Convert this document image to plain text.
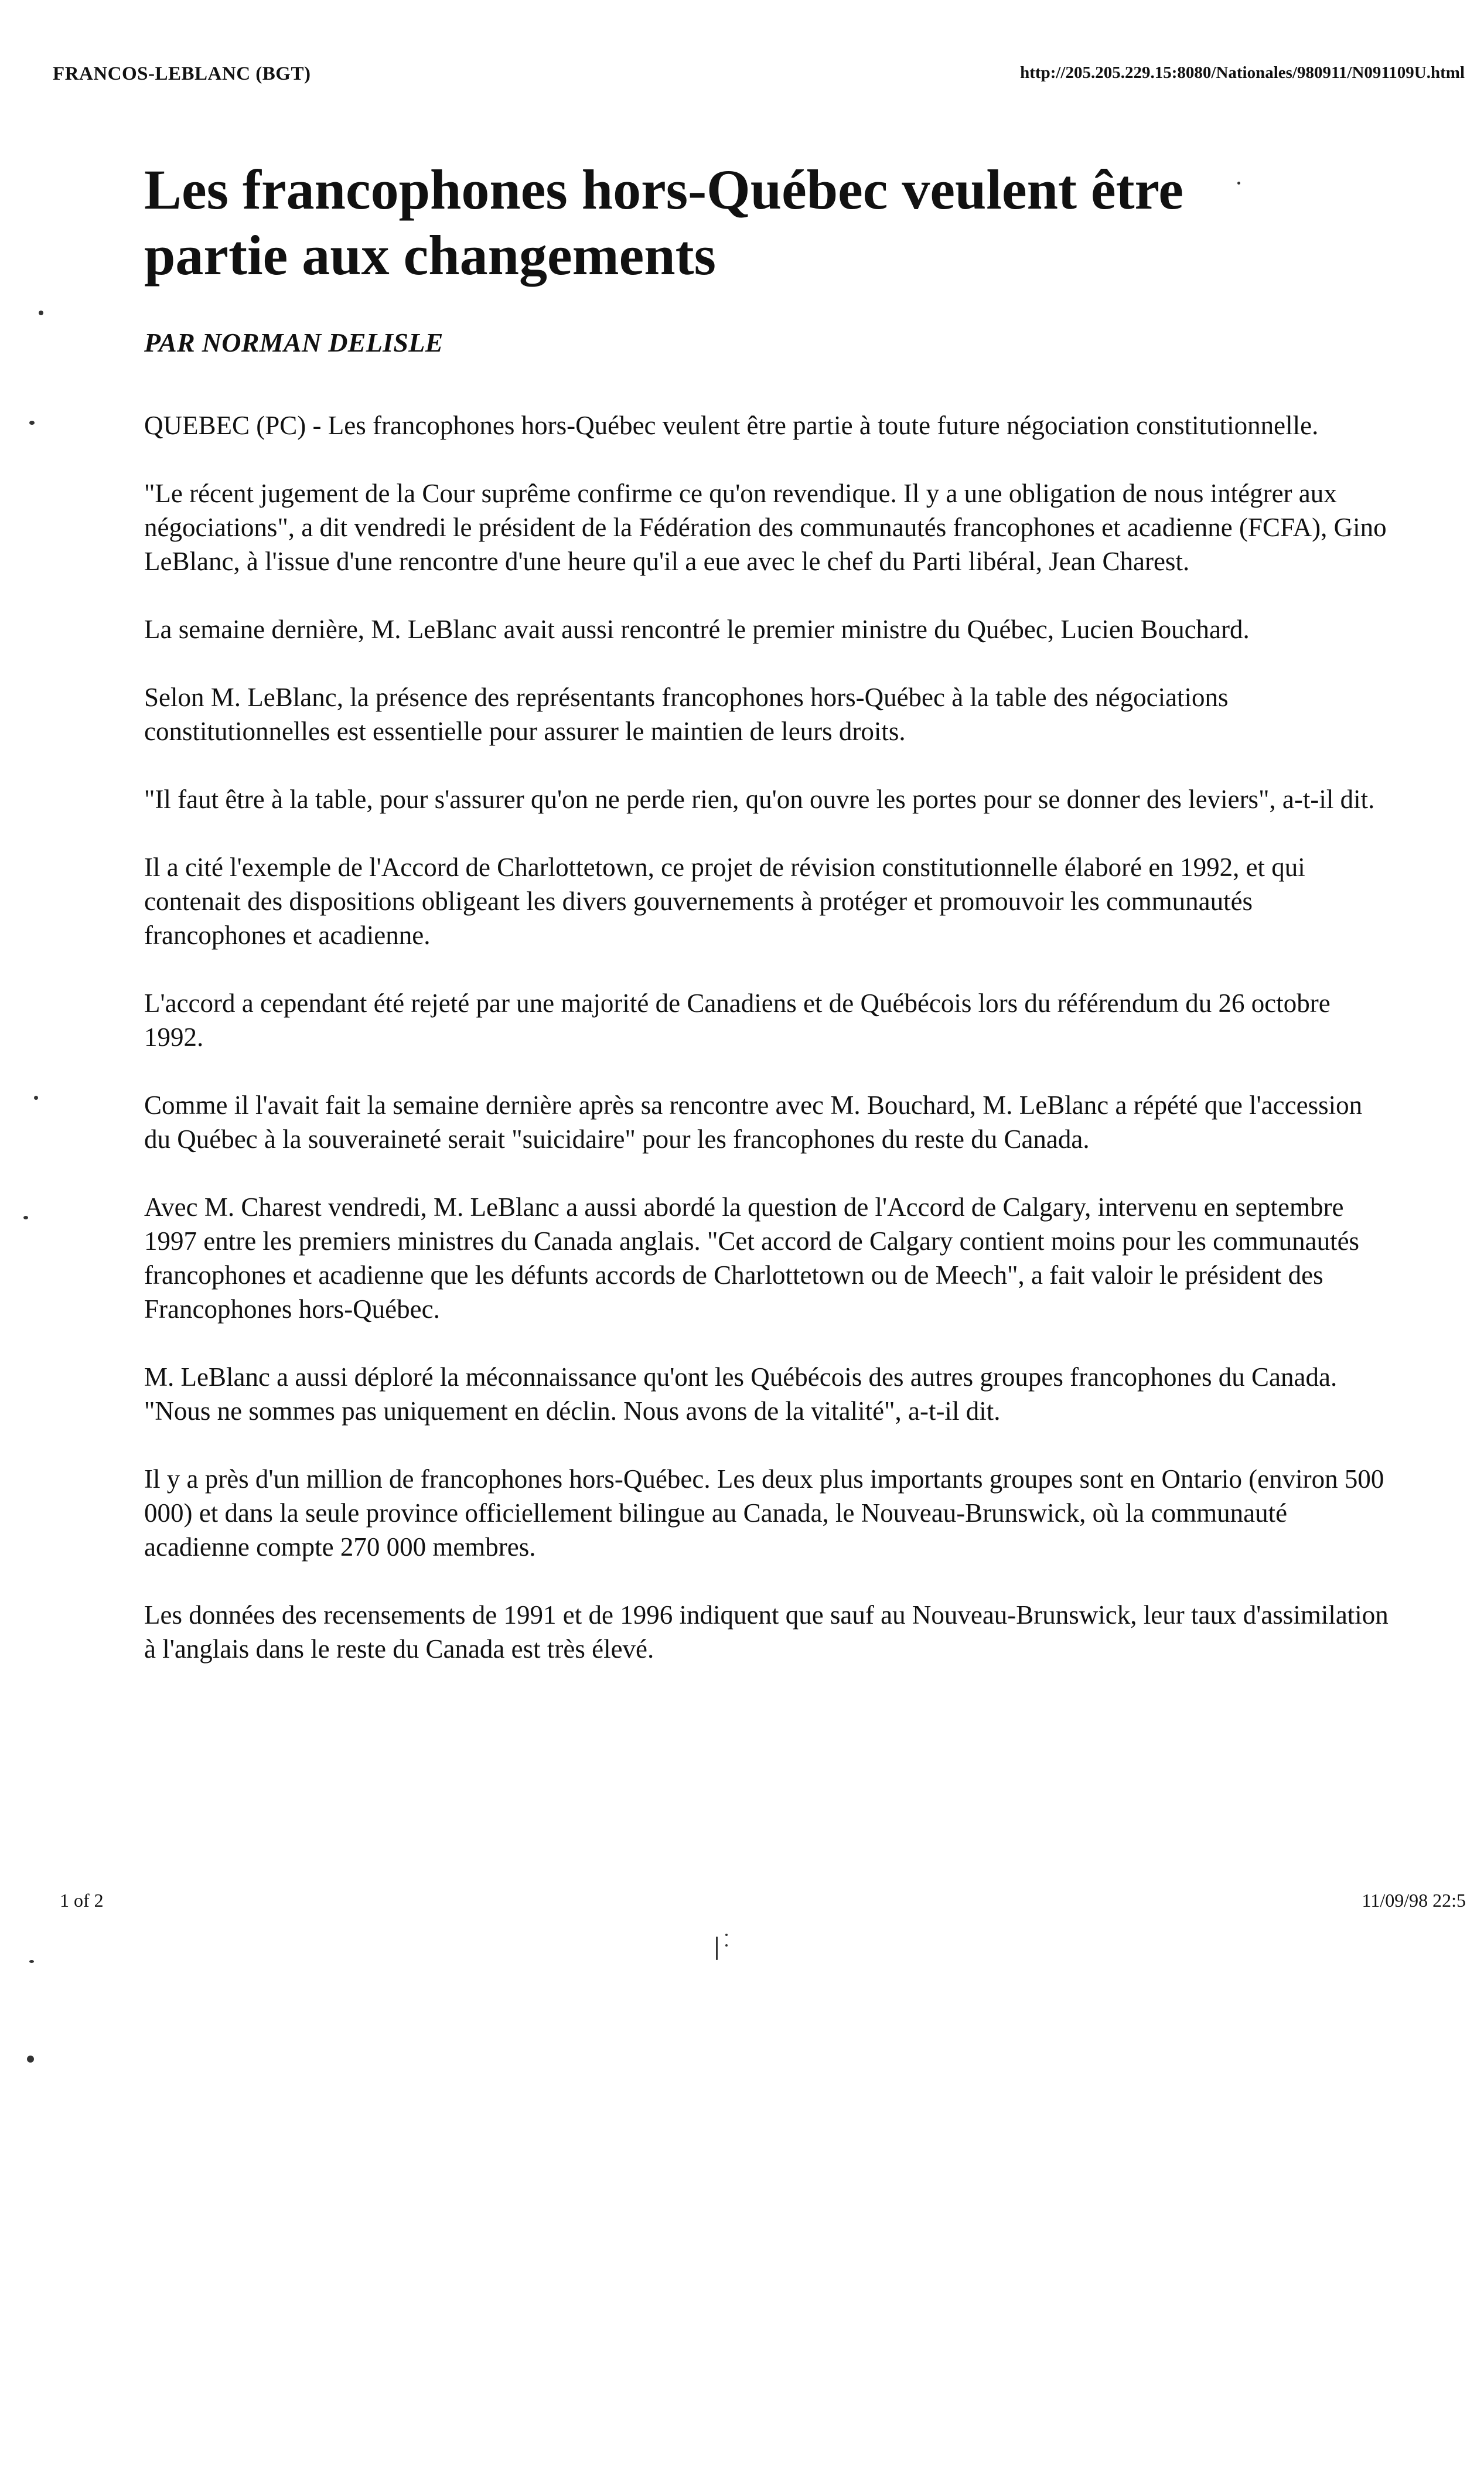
FRANCOS-LEBLANC (BGT)	http://205.205.229.15:8080/Nationales/980911/N091109U.html
Les francophones hors-Québec veulent être partie aux changements
PAR NORMAN DELISLE

QUEBEC (PC) - Les francophones hors-Québec veulent être partie à toute future négociation constitutionnelle.

"Le récent jugement de la Cour suprême confirme ce qu'on revendique. Il y a une obligation de nous intégrer aux négociations", a dit vendredi le président de la Fédération des communautés francophones et acadienne (FCFA), Gino LeBlanc, à l'issue d'une rencontre d'une heure qu'il a eue avec le chef du Parti libéral, Jean Charest.

La semaine dernière, M. LeBlanc avait aussi rencontré le premier ministre du Québec, Lucien Bouchard.

Selon M. LeBlanc, la présence des représentants francophones hors-Québec à la table des négociations constitutionnelles est essentielle pour assurer le maintien de leurs droits.

"Il faut être à la table, pour s'assurer qu'on ne perde rien, qu'on ouvre les portes pour se donner des leviers", a-t-il dit.

Il a cité l'exemple de l'Accord de Charlottetown, ce projet de révision constitutionnelle élaboré en 1992, et qui contenait des dispositions obligeant les divers gouvernements à protéger et promouvoir les communautés francophones et acadienne.

L'accord a cependant été rejeté par une majorité de Canadiens et de Québécois lors du référendum du 26 octobre 1992.

Comme il l'avait fait la semaine dernière après sa rencontre avec M. Bouchard, M. LeBlanc a répété que l'accession du Québec à la souveraineté serait "suicidaire" pour les francophones du reste du Canada.

Avec M. Charest vendredi, M. LeBlanc a aussi abordé la question de l'Accord de Calgary, intervenu en septembre 1997 entre les premiers ministres du Canada anglais. "Cet accord de Calgary contient moins pour les communautés francophones et acadienne que les défunts accords de Charlottetown ou de Meech", a fait valoir le président des Francophones hors-Québec.

M. LeBlanc a aussi déploré la méconnaissance qu'ont les Québécois des autres groupes francophones du Canada. "Nous ne sommes pas uniquement en déclin. Nous avons de la vitalité", a-t-il dit.

Il y a près d'un million de francophones hors-Québec. Les deux plus importants groupes sont en Ontario (environ 500 000) et dans la seule province officiellement bilingue au Canada, le Nouveau-Brunswick, où la communauté acadienne compte 270 000 membres.

Les données des recensements de 1991 et de 1996 indiquent que sauf au Nouveau-Brunswick, leur taux d'assimilation à l'anglais dans le reste du Canada est très élevé.

1 of 2	11/09/98 22:5
